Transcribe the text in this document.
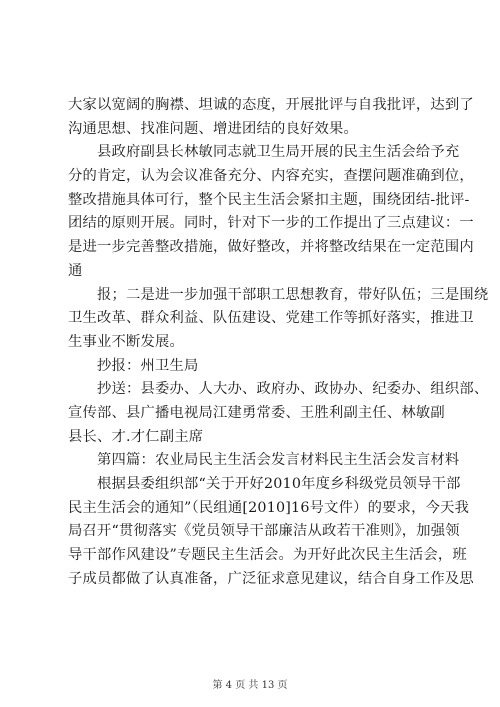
大家以宽阔的胸襟、坦诚的态度，开展批评与自我批评，达到了
沟通思想、找准问题、增进团结的良好效果。
　　县政府副县长林敏同志就卫生局开展的民主生活会给予充
分的肯定，认为会议准备充分、内容充实，查摆问题准确到位，
整改措施具体可行，整个民主生活会紧扣主题，围绕团结-批评-
团结的原则开展。同时，针对下一步的工作提出了三点建议：一
是进一步完善整改措施，做好整改，并将整改结果在一定范围内
通
　　报；二是进一步加强干部职工思想教育，带好队伍；三是围绕
卫生改革、群众利益、队伍建设、党建工作等抓好落实，推进卫
生事业不断发展。
　　抄报：州卫生局
　　抄送：县委办、人大办、政府办、政协办、纪委办、组织部、
宣传部、县广播电视局江建勇常委、王胜利副主任、林敏副
县长、才.才仁副主席
　　第四篇：农业局民主生活会发言材料民主生活会发言材料
　　根据县委组织部“关于开好2010年度乡科级党员领导干部
民主生活会的通知”（民组通[2010]16号文件）的要求，今天我
局召开“贯彻落实《党员领导干部廉洁从政若干准则》，加强领
导干部作风建设”专题民主生活会。为开好此次民主生活会，班
子成员都做了认真准备，广泛征求意见建议，结合自身工作及思
第 4 页 共 13 页
